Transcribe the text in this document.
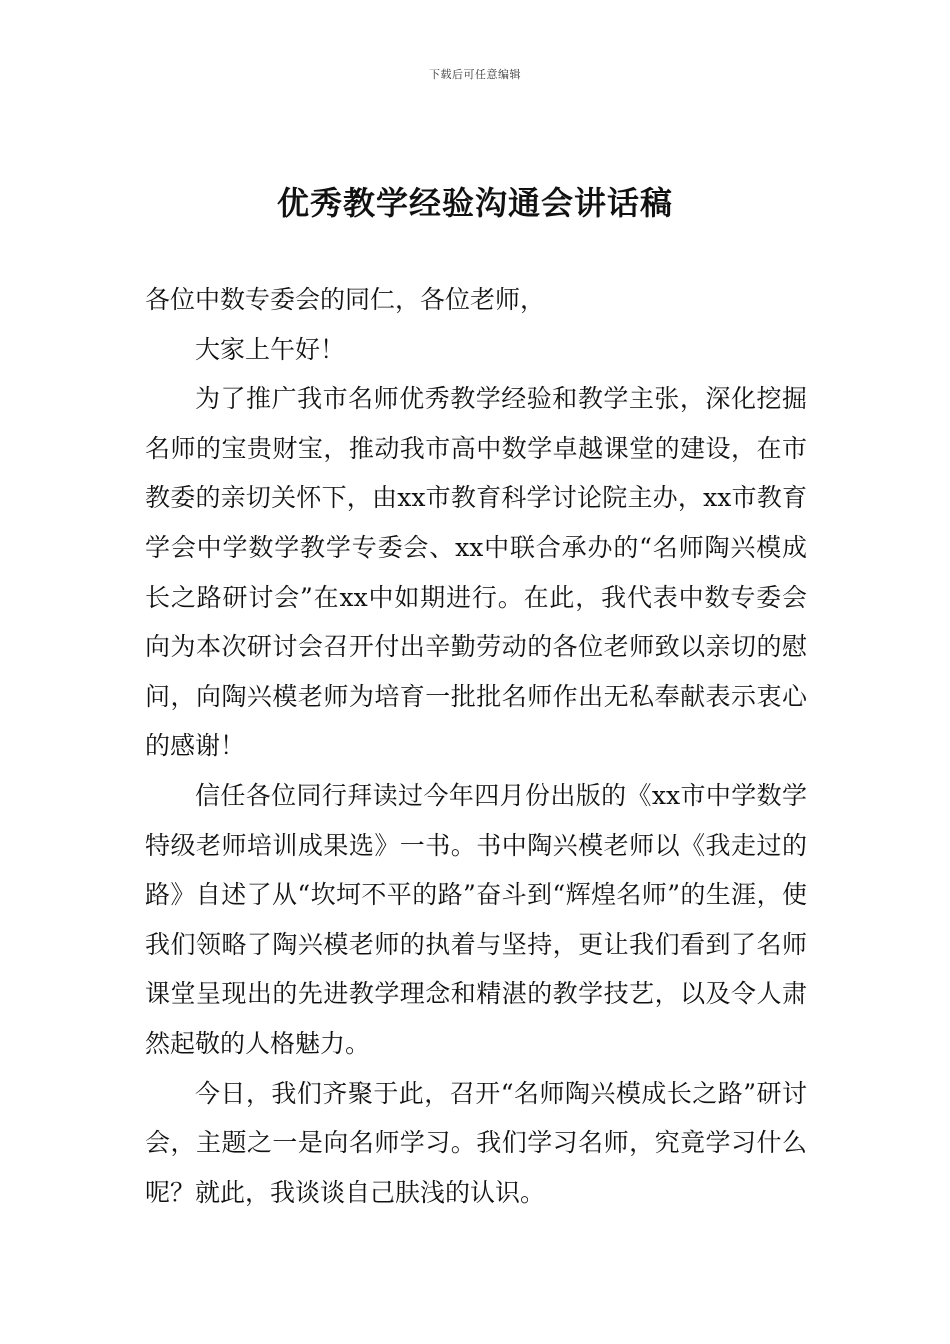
下载后可任意编辑
优秀教学经验沟通会讲话稿

各位中数专委会的同仁，各位老师，

大家上午好！

为了推广我市名师优秀教学经验和教学主张，深化挖掘名师的宝贵财宝，推动我市高中数学卓越课堂的建设，在市教委的亲切关怀下，由xx市教育科学讨论院主办，xx市教育学会中学数学教学专委会、xx中联合承办的“名师陶兴模成长之路研讨会”在xx中如期进行。在此，我代表中数专委会向为本次研讨会召开付出辛勤劳动的各位老师致以亲切的慰问，向陶兴模老师为培育一批批名师作出无私奉献表示衷心的感谢！

信任各位同行拜读过今年四月份出版的《xx市中学数学特级老师培训成果选》一书。书中陶兴模老师以《我走过的路》自述了从“坎坷不平的路”奋斗到“辉煌名师”的生涯，使我们领略了陶兴模老师的执着与坚持，更让我们看到了名师课堂呈现出的先进教学理念和精湛的教学技艺，以及令人肃然起敬的人格魅力。

今日，我们齐聚于此，召开“名师陶兴模成长之路”研讨会，主题之一是向名师学习。我们学习名师，究竟学习什么呢？就此，我谈谈自己肤浅的认识。
